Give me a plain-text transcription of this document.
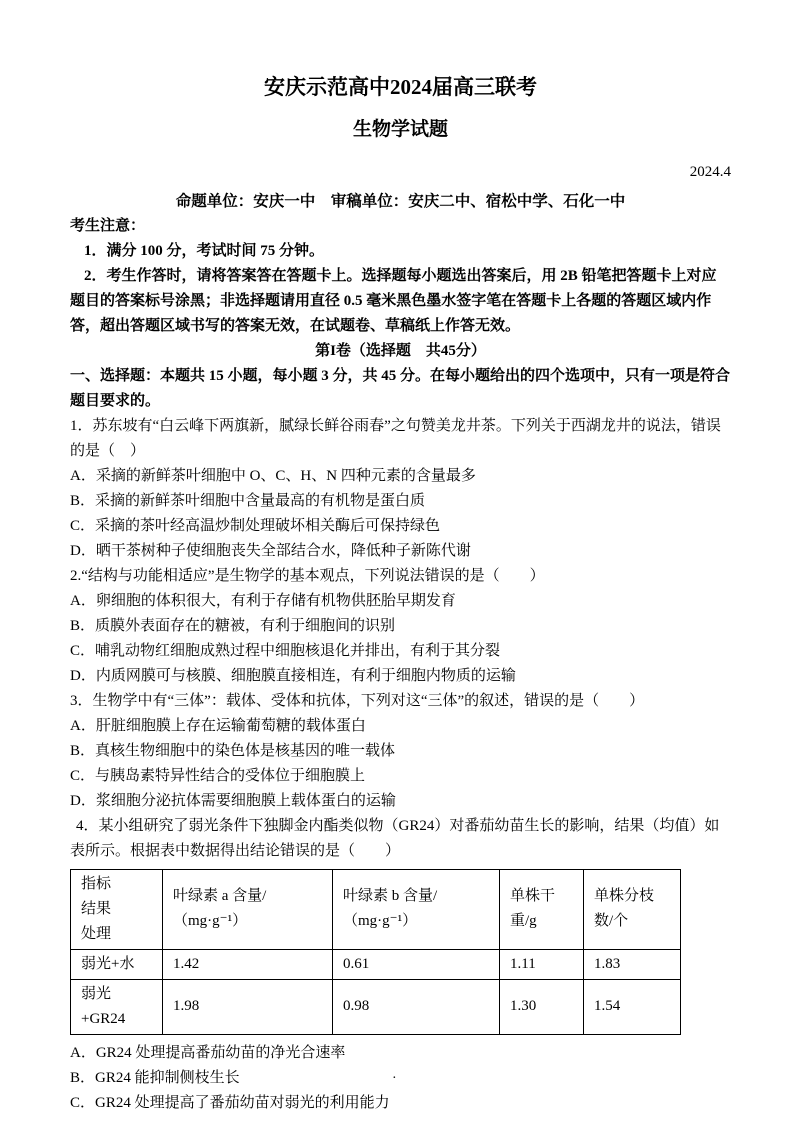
安庆示范高中2024届高三联考
生物学试题
2024.4
命题单位：安庆一中　审稿单位：安庆二中、宿松中学、石化一中

考生注意：

1．满分 100 分，考试时间 75 分钟。

2．考生作答时，请将答案答在答题卡上。选择题每小题选出答案后，用 2B 铅笔把答题卡上对应题目的答案标号涂黑；非选择题请用直径 0.5 毫米黑色墨水签字笔在答题卡上各题的答题区域内作答，超出答题区域书写的答案无效，在试题卷、草稿纸上作答无效。

第I卷（选择题　共45分）

一、选择题：本题共 15 小题，每小题 3 分，共 45 分。在每小题给出的四个选项中，只有一项是符合题目要求的。

1．苏东坡有“白云峰下两旗新，腻绿长鲜谷雨春”之句赞美龙井茶。下列关于西湖龙井的说法，错误的是（　）

A．采摘的新鲜茶叶细胞中 O、C、H、N 四种元素的含量最多

B．采摘的新鲜茶叶细胞中含量最高的有机物是蛋白质

C．采摘的茶叶经高温炒制处理破坏相关酶后可保持绿色

D．晒干茶树种子使细胞丧失全部结合水，降低种子新陈代谢

2.“结构与功能相适应”是生物学的基本观点，下列说法错误的是（　　）

A．卵细胞的体积很大，有利于存储有机物供胚胎早期发育

B．质膜外表面存在的糖被，有利于细胞间的识别

C．哺乳动物红细胞成熟过程中细胞核退化并排出，有利于其分裂

D．内质网膜可与核膜、细胞膜直接相连，有利于细胞内物质的运输

3．生物学中有“三体”：载体、受体和抗体，下列对这“三体”的叙述，错误的是（　　）

A．肝脏细胞膜上存在运输葡萄糖的载体蛋白

B．真核生物细胞中的染色体是核基因的唯一载体

C．与胰岛素特异性结合的受体位于细胞膜上

D．浆细胞分泌抗体需要细胞膜上载体蛋白的运输

4．某小组研究了弱光条件下独脚金内酯类似物（GR24）对番茄幼苗生长的影响，结果（均值）如表所示。根据表中数据得出结论错误的是（　　）

指标
结果
处理	叶绿素 a 含量/（mg·g⁻¹）	叶绿素 b 含量/（mg·g⁻¹）	单株干重/g	单株分枝数/个
弱光+水	1.42	0.61	1.11	1.83
弱光+GR24	1.98	0.98	1.30	1.54

A．GR24 处理提高番茄幼苗的净光合速率

B．GR24 能抑制侧枝生长

C．GR24 处理提高了番茄幼苗对弱光的利用能力

·
